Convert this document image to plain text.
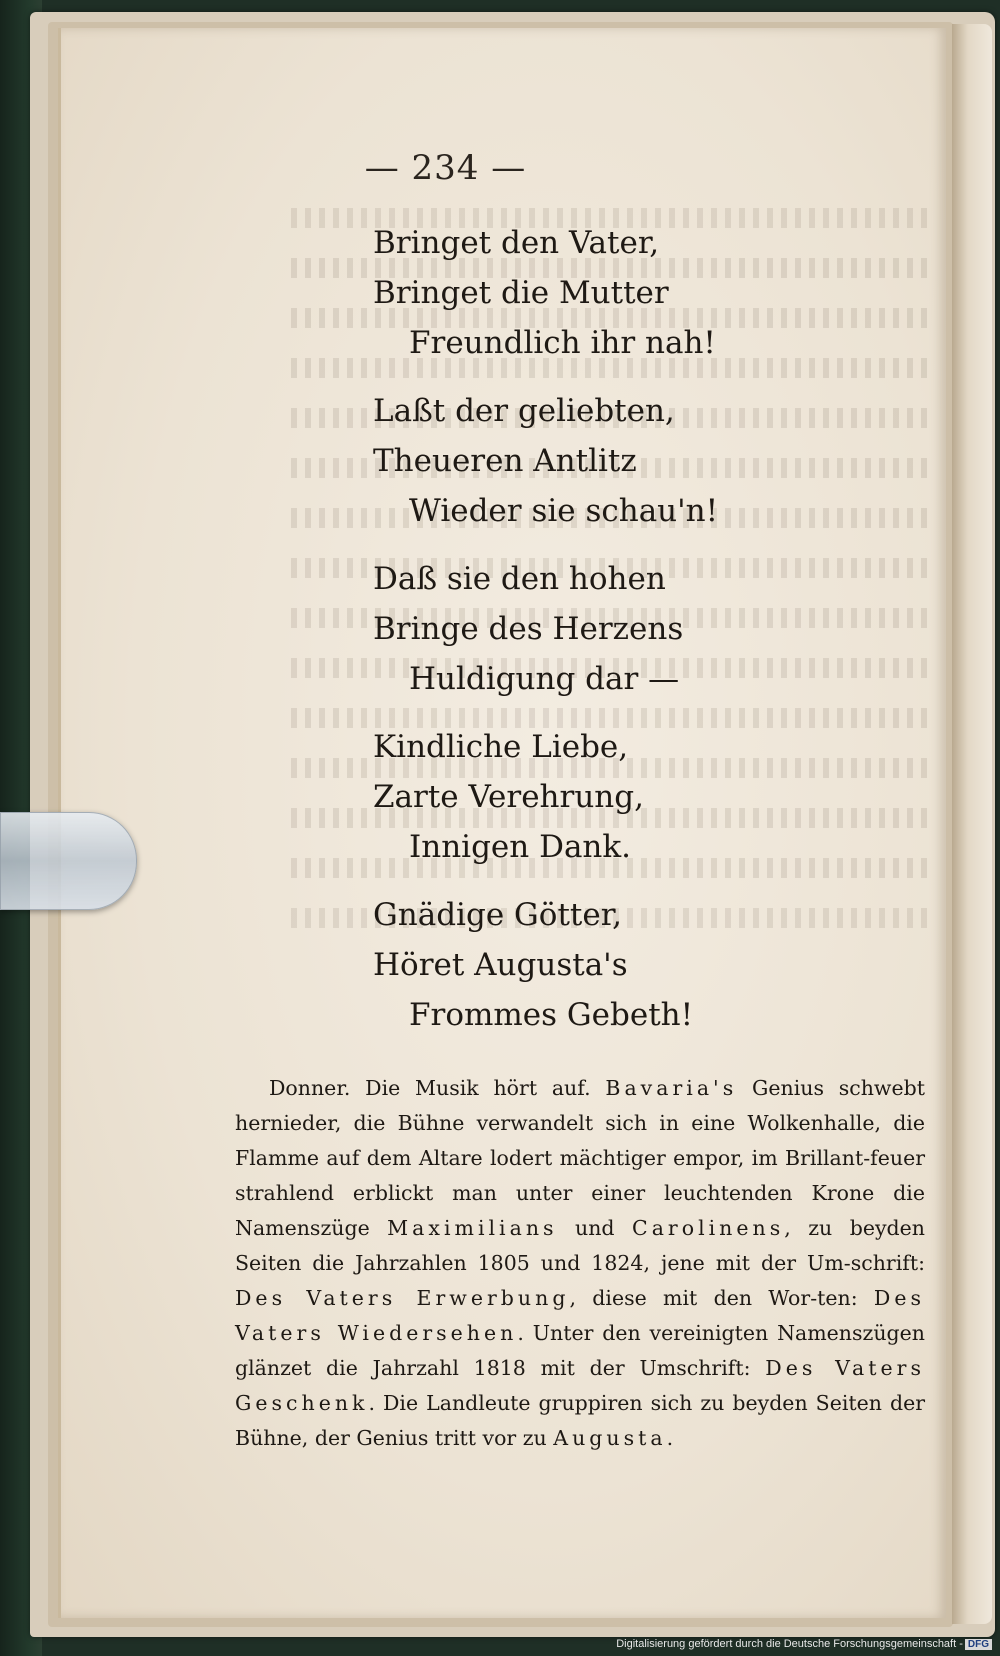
— 234 —
Bringet den Vater,
Bringet die Mutter
Freundlich ihr nah!
Laßt der geliebten,
Theueren Antlitz
Wieder sie schau'n!
Daß sie den hohen
Bringe des Herzens
Huldigung dar —
Kindliche Liebe,
Zarte Verehrung,
Innigen Dank.
Gnädige Götter,
Höret Augusta's
Frommes Gebeth!

Donner. Die Musik hört auf. Bavaria's Genius schwebt hernieder, die Bühne verwandelt sich in eine Wolkenhalle, die Flamme auf dem Altare lodert mächtiger empor, im Brillant-feuer strahlend erblickt man unter einer leuchtenden Krone die Namenszüge Maximilians und Carolinens, zu beyden Seiten die Jahrzahlen 1805 und 1824, jene mit der Um-schrift: Des Vaters Erwerbung, diese mit den Wor-ten: Des Vaters Wiedersehen. Unter den vereinigten Namenszügen glänzet die Jahrzahl 1818 mit der Umschrift: Des Vaters Geschenk. Die Landleute gruppiren sich zu beyden Seiten der Bühne, der Genius tritt vor zu Augusta.

Digitalisierung gefördert durch die Deutsche Forschungsgemeinschaft - DFG
